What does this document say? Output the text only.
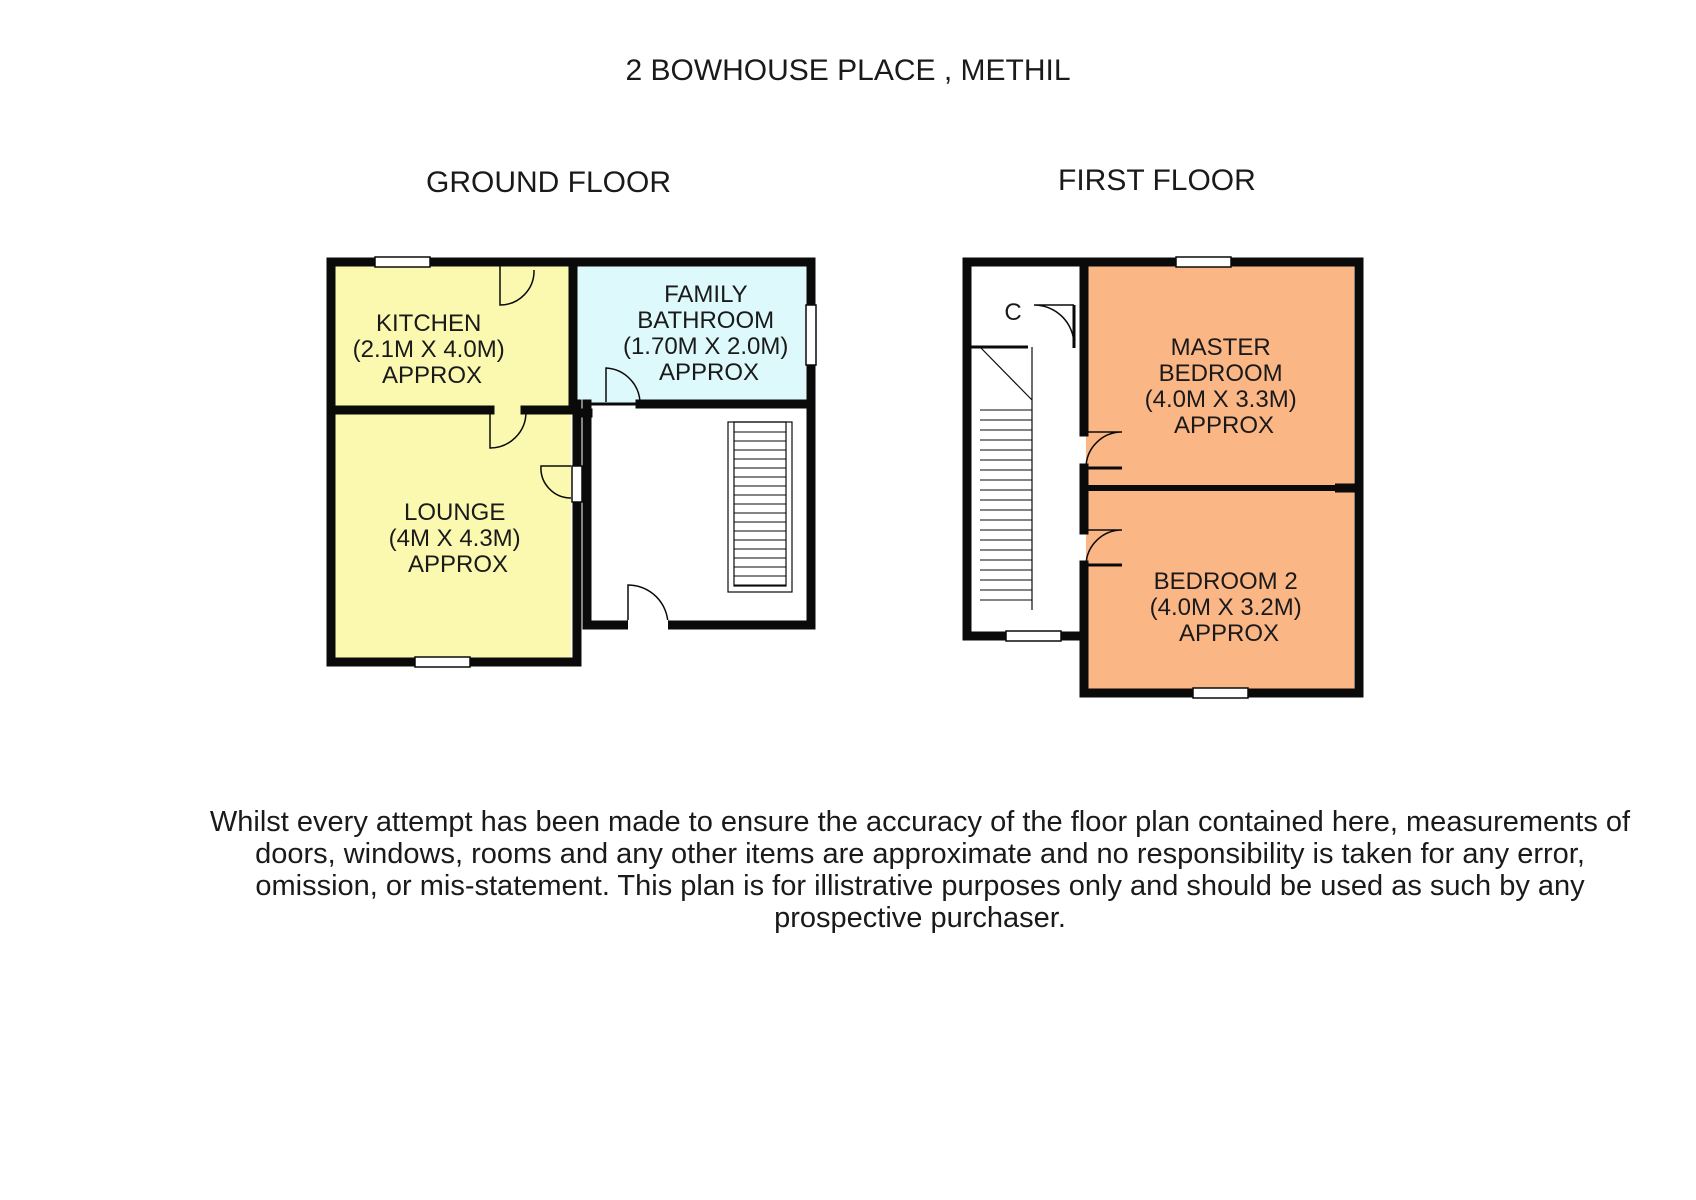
2 BOWHOUSE PLACE , METHIL
GROUND FLOOR	FIRST FLOOR
KITCHEN (2.1M X 4.0M) APPROX
FAMILY BATHROOM (1.70M X 2.0M) APPROX
LOUNGE (4M X 4.3M) APPROX
C
MASTER BEDROOM (4.0M X 3.3M) APPROX
BEDROOM 2 (4.0M X 3.2M) APPROX
Whilst every attempt has been made to ensure the accuracy of the floor plan contained here, measurements of doors, windows, rooms and any other items are approximate and no responsibility is taken for any error, omission, or mis-statement. This plan is for illistrative purposes only and should be used as such by any prospective purchaser.
